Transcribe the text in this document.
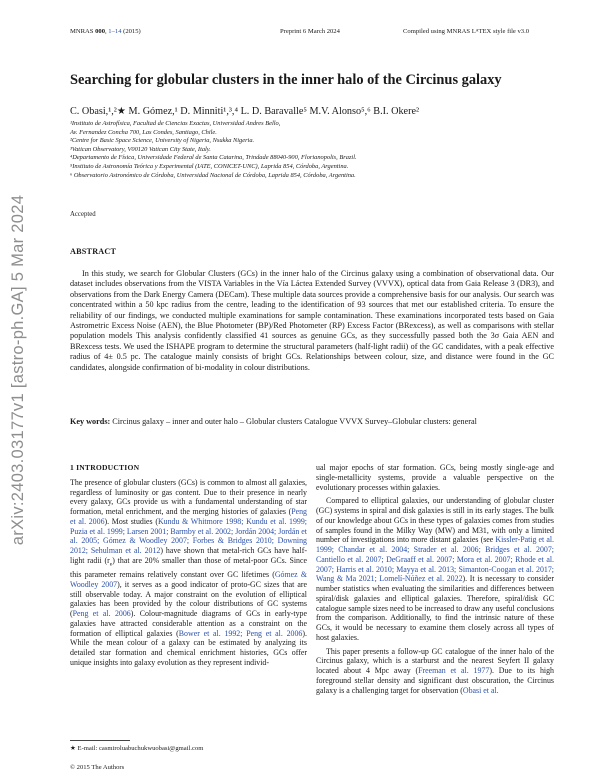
MNRAS 000, 1–14 (2015)	Preprint 6 March 2024	Compiled using MNRAS LᴬTEX style file v3.0
arXiv:2403.03177v1 [astro-ph.GA] 5 Mar 2024
Searching for globular clusters in the inner halo of the Circinus galaxy
C. Obasi,¹,²★ M. Gómez,¹ D. Minniti¹,³,⁴ L. D. Baravalle⁵ M.V. Alonso⁵,⁶ B.I. Okere²
¹Instituto de Astrofísica, Facultad de Ciencias Exactas, Universidad Andres Bello,
Av. Fernandez Concha 700, Las Condes, Santiago, Chile.
²Centre for Basic Space Science, University of Nigeria, Nsukka Nigeria.
³Vatican Observatory, V00120 Vatican City State, Italy.
⁴Departamento de Física, Universidade Federal de Santa Catarina, Trindade 88040-900, Florianopolis, Brazil.
⁵Instituto de Astronomía Teórica y Experimental (IATE, CONICET-UNC), Laprida 854, Córdoba, Argentina.
⁶ Observatorio Astronómico de Córdoba, Universidad Nacional de Córdoba, Laprida 854, Córdoba, Argentina.
Accepted
ABSTRACT
In this study, we search for Globular Clusters (GCs) in the inner halo of the Circinus galaxy using a combination of observational data. Our dataset includes observations from the VISTA Variables in the Vía Láctea Extended Survey (VVVX), optical data from Gaia Release 3 (DR3), and observations from the Dark Energy Camera (DECam). These multiple data sources provide a comprehensive basis for our analysis. Our search was concentrated within a 50 kpc radius from the centre, leading to the identification of 93 sources that met our established criteria. To ensure the reliability of our findings, we conducted multiple examinations for sample contamination. These examinations incorporated tests based on Gaia Astrometric Excess Noise (AEN), the Blue Photometer (BP)/Red Photometer (RP) Excess Factor (BRexcess), as well as comparisons with stellar population models This analysis confidently classified 41 sources as genuine GCs, as they successfully passed both the 3σ Gaia AEN and BRexcess tests. We used the ISHAPE program to determine the structural parameters (half-light radii) of the GC candidates, with a peak effective radius of 4± 0.5 pc. The catalogue mainly consists of bright GCs. Relationships between colour, size, and distance were found in the GC candidates, alongside confirmation of bi-modality in colour distributions.
Key words: Circinus galaxy – inner and outer halo – Globular clusters Catalogue VVVX Survey–Globular clusters: general
1 INTRODUCTION

The presence of globular clusters (GCs) is common to almost all galaxies, regardless of luminosity or gas content. Due to their presence in nearly every galaxy, GCs provide us with a fundamental understanding of star formation, metal enrichment, and the merging histories of galaxies (Peng et al. 2006). Most studies (Kundu & Whitmore 1998; Kundu et al. 1999; Puzia et al. 1999; Larsen 2001; Barmby et al. 2002; Jordán 2004; Jordán et al. 2005; Gómez & Woodley 2007; Forbes & Bridges 2010; Downing 2012; Sehulman et al. 2012) have shown that metal-rich GCs have half-light radii $(r_e)$ that are 20% smaller than those of metal-poor GCs. Since this parameter remains relatively constant over GC lifetimes (Gómez & Woodley 2007), it serves as a good indicator of proto-GC sizes that are still observable today. A major constraint on the evolution of elliptical galaxies has been provided by the colour distributions of GC systems (Peng et al. 2006). Colour-magnitude diagrams of GCs in early-type galaxies have attracted considerable attention as a constraint on the formation of elliptical galaxies (Bower et al. 1992; Peng et al. 2006). While the mean colour of a galaxy can be estimated by analyzing its detailed star formation and chemical enrichment histories, GCs offer unique insights into galaxy evolution as they represent individ-

ual major epochs of star formation. GCs, being mostly single-age and single-metallicity systems, provide a valuable perspective on the evolutionary processes within galaxies.

Compared to elliptical galaxies, our understanding of globular cluster (GC) systems in spiral and disk galaxies is still in its early stages. The bulk of our knowledge about GCs in these types of galaxies comes from studies of samples found in the Milky Way (MW) and M31, with only a limited number of investigations into more distant galaxies (see Kissler-Patig et al. 1999; Chandar et al. 2004; Strader et al. 2006; Bridges et al. 2007; Cantiello et al. 2007; DeGraaff et al. 2007; Mora et al. 2007; Rhode et al. 2007; Harris et al. 2010; Mayya et al. 2013; Simanton-Coogan et al. 2017; Wang & Ma 2021; Lomelí-Núñez et al. 2022). It is necessary to consider number statistics when evaluating the similarities and differences between spiral/disk galaxies and elliptical galaxies. Therefore, spiral/disk GC catalogue sample sizes need to be increased to draw any useful conclusions from the comparison. Additionally, to find the intrinsic nature of these GCs, it would be necessary to examine them closely across all types of host galaxies.

This paper presents a follow-up GC catalogue of the inner halo of the Circinus galaxy, which is a starburst and the nearest Seyfert II galaxy located about 4 Mpc away (Freeman et al. 1977). Due to its high foreground stellar density and significant dust obscuration, the Circinus galaxy is a challenging target for observation (Obasi et al.

★ E-mail: casmiroluabuchukwuobasi@gmail.com
© 2015 The Authors
